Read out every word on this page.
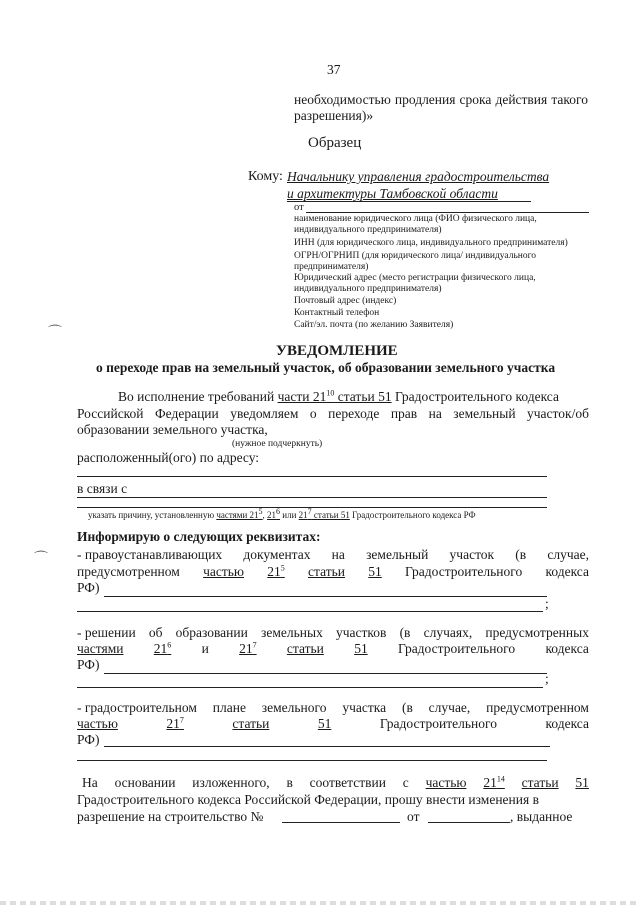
37
необходимостью продления срока действия такого
разрешения)»
Образец
Кому: Начальнику управления градостроительства
и архитектуры Тамбовской области
от
наименование юридического лица (ФИО физического лица,
индивидуального предпринимателя)
ИНН (для юридического лица, индивидуального предпринимателя)
ОГРН/ОГРНИП (для юридического лица/ индивидуального
предпринимателя)
Юридический адрес (место регистрации физического лица,
индивидуального предпринимателя)
Почтовый адрес (индекс)
Контактный телефон
Сайт/эл. почта (по желанию Заявителя)
⌒
УВЕДОМЛЕНИЕ
о переходе прав на земельный участок, об образовании земельного участка
Во исполнение требований части $21^{10}$ статьи 51 Градостроительного кодекса
Российской Федерации уведомляем о переходе прав на земельный участок/об
образовании земельного участка,
(нужное подчеркнуть)
расположенный(ого) по адресу:
в связи с
указать причину, установленную частями $21^5$, $21^6$ или $21^7$ статьи 51 Градостроительного кодекса РФ
Информирую о следующих реквизитах:
⌒ - правоустанавливающих документах на земельный участок (в случае,
предусмотренном частью $21^5$ статьи 51 Градостроительного кодекса
РФ)
;
- решении об образовании земельных участков (в случаях, предусмотренных
частями $21^6$ и $21^7$ статьи 51 Градостроительного кодекса
РФ)
;
- градостроительном плане земельного участка (в случае, предусмотренном
частью	$21^7$	статьи	51	Градостроительного	кодекса
РФ)
На основании изложенного, в соответствии с частью $21^{14}$ статьи 51
Градостроительного кодекса Российской Федерации, прошу внести изменения в
разрешение на строительство №	от	, выданное
